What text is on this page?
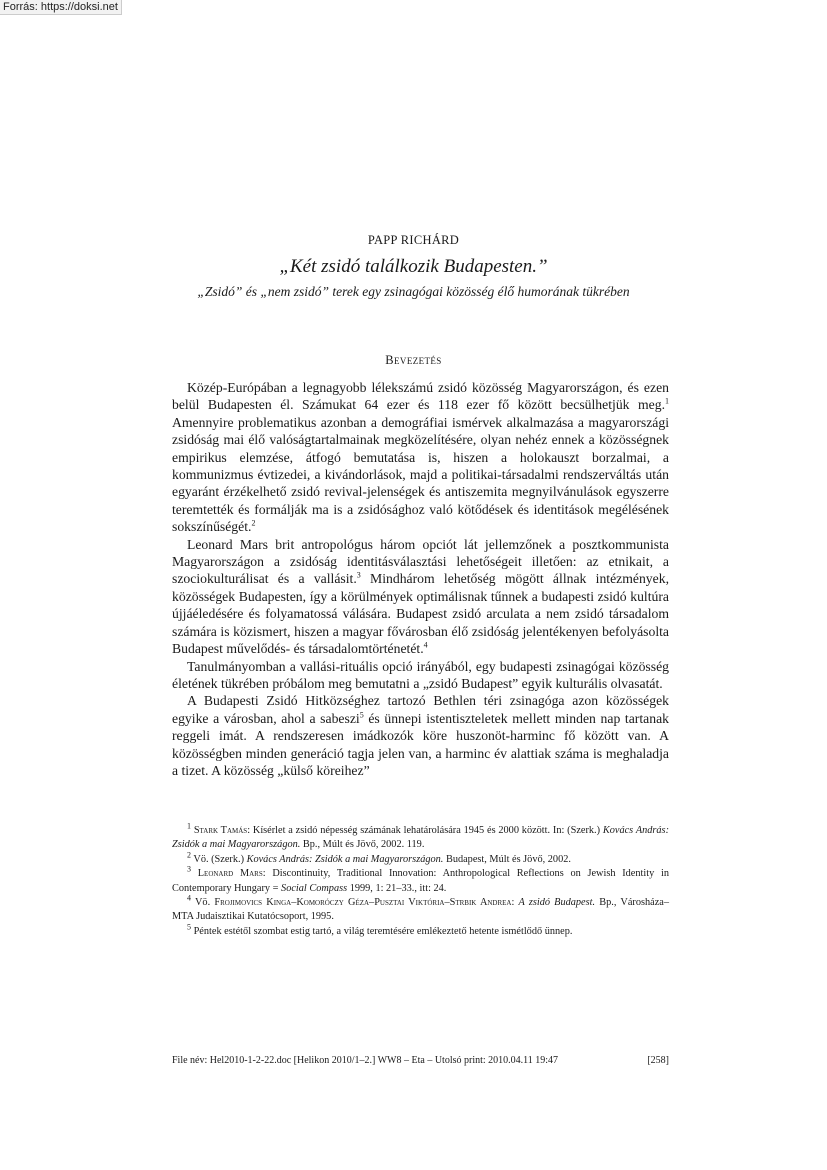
Forrás: https://doksi.net
PAPP RICHÁRD
„Két zsidó találkozik Budapesten.”
„Zsidó” és „nem zsidó” terek egy zsinagógai közösség élő humorának tükrében
Bevezetés

Közép-Európában a legnagyobb lélekszámú zsidó közösség Magyarországon, és ezen belül Budapesten él. Számukat 64 ezer és 118 ezer fő között becsülhetjük meg.$^1$ Amennyire problematikus azonban a demográfiai ismérvek alkalmazása a magyarországi zsidóság mai élő valóságtartalmainak megközelítésére, olyan nehéz ennek a közösségnek empirikus elemzése, átfogó bemutatása is, hiszen a holokauszt borzalmai, a kommunizmus évtizedei, a kivándorlások, majd a politikai-társadalmi rendszerváltás után egyaránt érzékelhető zsidó revival-jelenségek és antiszemita megnyilvánulások egyszerre teremtették és formálják ma is a zsidósághoz való kötődések és identitások megélésének sokszínűségét.$^2$

Leonard Mars brit antropológus három opciót lát jellemzőnek a posztkommunista Magyarországon a zsidóság identitásválasztási lehetőségeit illetően: az etnikait, a szociokulturálisat és a vallásit.$^3$ Mindhárom lehetőség mögött állnak intézmények, közösségek Budapesten, így a körülmények optimálisnak tűnnek a budapesti zsidó kultúra újjáéledésére és folyamatossá válására. Budapest zsidó arculata a nem zsidó társadalom számára is közismert, hiszen a magyar fővárosban élő zsidóság jelentékenyen befolyásolta Budapest művelődés- és társadalomtörténetét.$^4$

Tanulmányomban a vallási-rituális opció irányából, egy budapesti zsinagógai közösség életének tükrében próbálom meg bemutatni a „zsidó Budapest” egyik kulturális olvasatát.

A Budapesti Zsidó Hitközséghez tartozó Bethlen téri zsinagóga azon közösségek egyike a városban, ahol a sabeszi$^5$ és ünnepi istentiszteletek mellett minden nap tartanak reggeli imát. A rendszeresen imádkozók köre huszonöt-harminc fő között van. A közösségben minden generáció tagja jelen van, a harminc év alattiak száma is meghaladja a tizet. A közösség „külső köreihez”

$^1$ Stark Tamás: Kísérlet a zsidó népesség számának lehatárolására 1945 és 2000 között. In: (Szerk.) Kovács András: Zsidók a mai Magyarországon. Bp., Múlt és Jövő, 2002. 119.

$^2$ Vö. (Szerk.) Kovács András: Zsidók a mai Magyarországon. Budapest, Múlt és Jövő, 2002.

$^3$ Leonard Mars: Discontinuity, Traditional Innovation: Anthropological Reflections on Jewish Identity in Contemporary Hungary = Social Compass 1999, 1: 21–33., itt: 24.

$^4$ Vö. Frojimovics Kinga–Komoróczy Géza–Pusztai Viktória–Strbik Andrea: A zsidó Budapest. Bp., Városháza–MTA Judaisztikai Kutatócsoport, 1995.

$^5$ Péntek estétől szombat estig tartó, a világ teremtésére emlékeztető hetente ismétlődő ünnep.

File név: Hel2010-1-2-22.doc [Helikon 2010/1–2.] WW8 – Eta – Utolsó print: 2010.04.11 19:47	[258]
